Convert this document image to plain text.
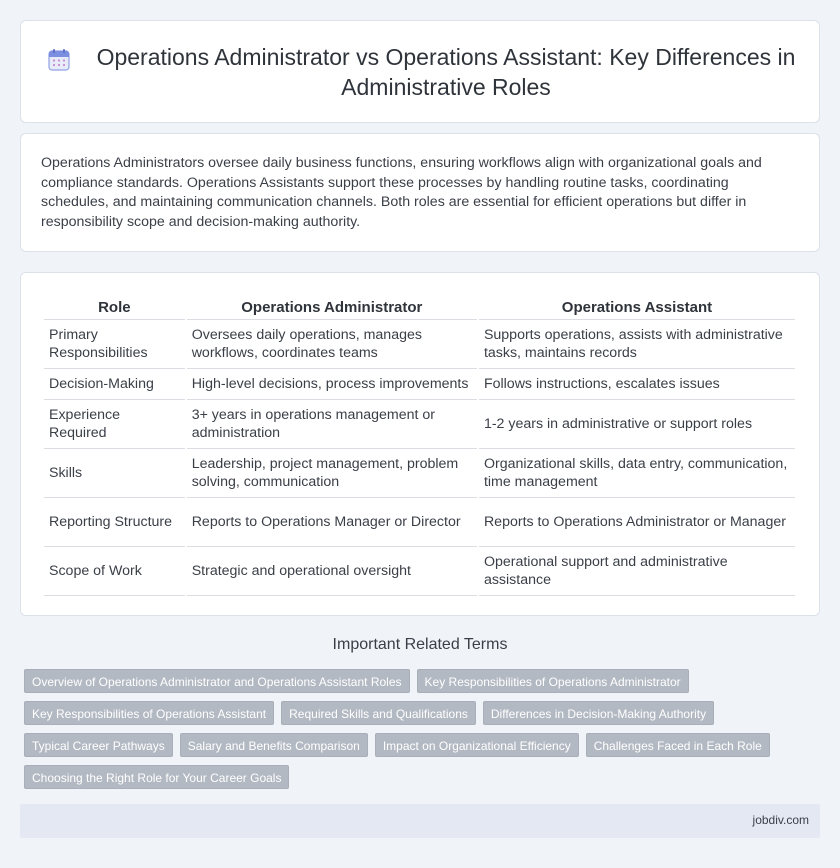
Operations Administrator vs Operations Assistant: Key Differences in Administrative Roles

Operations Administrators oversee daily business functions, ensuring workflows align with organizational goals and compliance standards. Operations Assistants support these processes by handling routine tasks, coordinating schedules, and maintaining communication channels. Both roles are essential for efficient operations but differ in responsibility scope and decision-making authority.

Role	Operations Administrator	Operations Assistant
Primary Responsibilities	Oversees daily operations, manages workflows, coordinates teams	Supports operations, assists with administrative tasks, maintains records
Decision-Making	High-level decisions, process improvements	Follows instructions, escalates issues
Experience Required	3+ years in operations management or administration	1-2 years in administrative or support roles
Skills	Leadership, project management, problem solving, communication	Organizational skills, data entry, communication, time management
Reporting Structure	Reports to Operations Manager or Director	Reports to Operations Administrator or Manager
Scope of Work	Strategic and operational oversight	Operational support and administrative assistance
Important Related Terms
Overview of Operations Administrator and Operations Assistant Roles	Key Responsibilities of Operations Administrator
Key Responsibilities of Operations Assistant	Required Skills and Qualifications	Differences in Decision-Making Authority
Typical Career Pathways	Salary and Benefits Comparison	Impact on Organizational Efficiency	Challenges Faced in Each Role
Choosing the Right Role for Your Career Goals
jobdiv.com
